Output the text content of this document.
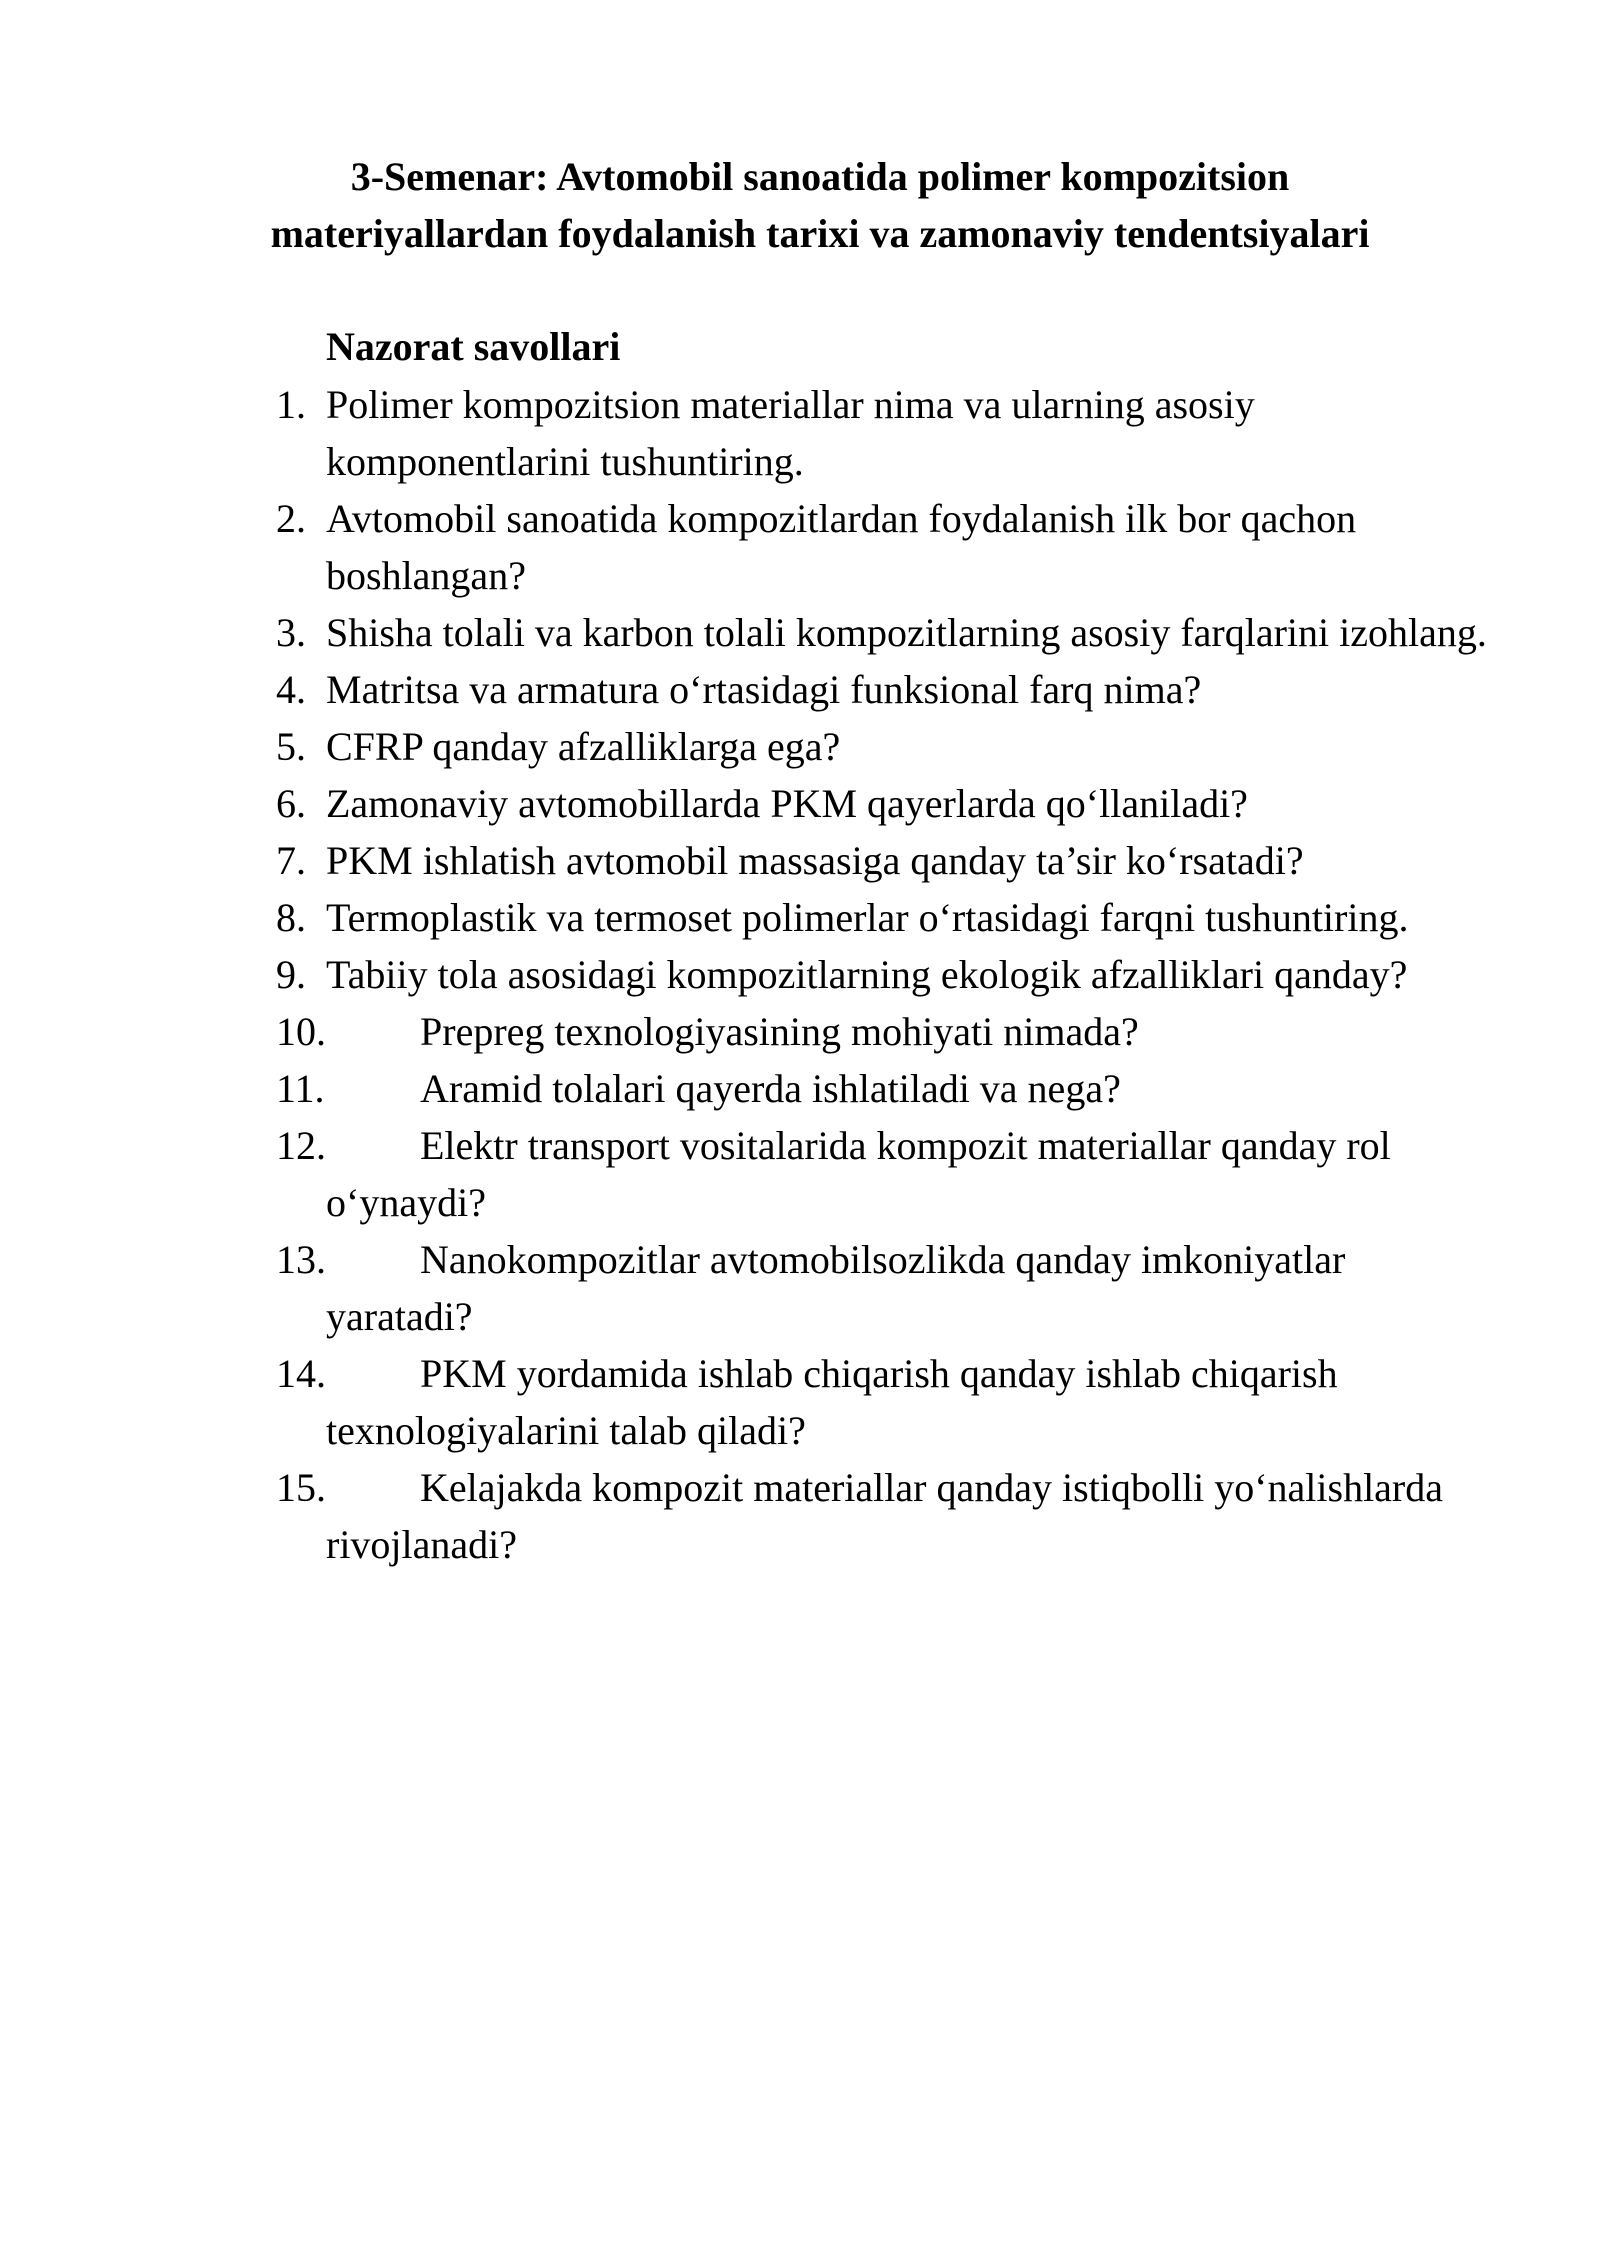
3-Semenar: Avtomobil sanoatida polimer kompozitsion
materiyallardan foydalanish tarixi va zamonaviy tendentsiyalari
Nazorat savollari
1. Polimer kompozitsion materiallar nima va ularning asosiy komponentlarini tushuntiring.
2. Avtomobil sanoatida kompozitlardan foydalanish ilk bor qachon boshlangan?
3. Shisha tolali va karbon tolali kompozitlarning asosiy farqlarini izohlang.
4. Matritsa va armatura o‘rtasidagi funksional farq nima?
5. CFRP qanday afzalliklarga ega?
6. Zamonaviy avtomobillarda PKM qayerlarda qo‘llaniladi?
7. PKM ishlatish avtomobil massasiga qanday ta’sir ko‘rsatadi?
8. Termoplastik va termoset polimerlar o‘rtasidagi farqni tushuntiring.
9. Tabiiy tola asosidagi kompozitlarning ekologik afzalliklari qanday?
10.	Prepreg texnologiyasining mohiyati nimada?
11.	Aramid tolalari qayerda ishlatiladi va nega?
12.	Elektr transport vositalarida kompozit materiallar qanday rol o‘ynaydi?
13.	Nanokompozitlar avtomobilsozlikda qanday imkoniyatlar yaratadi?
14.	PKM yordamida ishlab chiqarish qanday ishlab chiqarish texnologiyalarini talab qiladi?
15.	Kelajakda kompozit materiallar qanday istiqbolli yo‘nalishlarda rivojlanadi?
